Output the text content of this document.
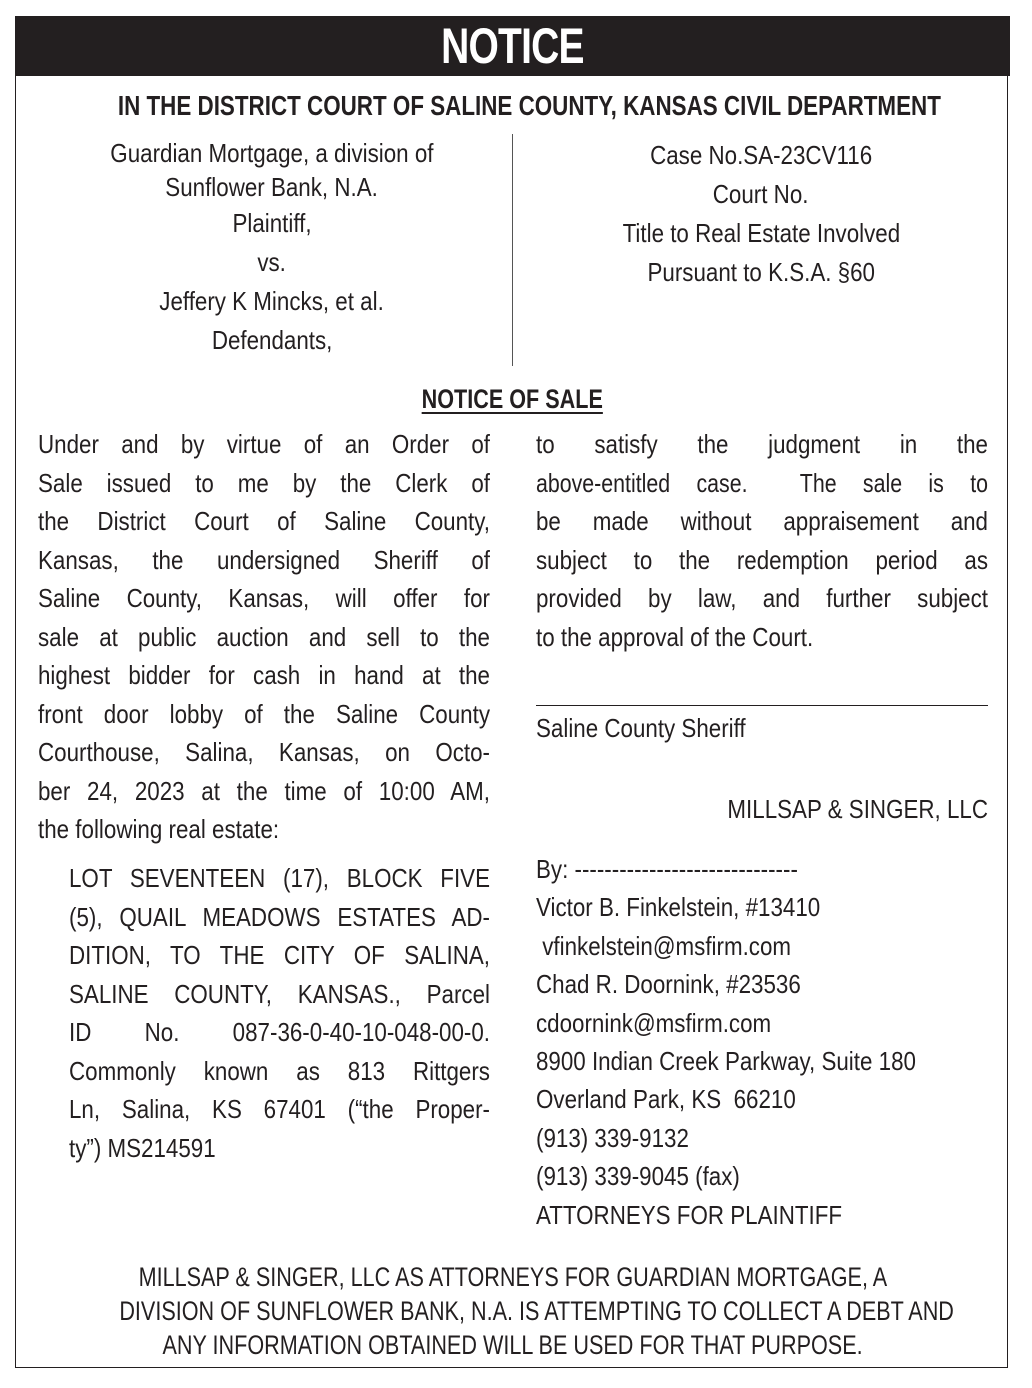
NOTICE
IN THE DISTRICT COURT OF SALINE COUNTY, KANSAS CIVIL DEPARTMENT
Guardian Mortgage, a division of
Sunflower Bank, N.A.
Plaintiff,
vs.
Jeffery K Mincks, et al.
Defendants,
Case No.SA-23CV116
Court No.
Title to Real Estate Involved
Pursuant to K.S.A. §60
NOTICE OF SALE
Under and by virtue of an Order of
Sale issued to me by the Clerk of
the District Court of Saline County,
Kansas, the undersigned Sheriff of
Saline County, Kansas, will offer for
sale at public auction and sell to the
highest bidder for cash in hand at the
front door lobby of the Saline County
Courthouse, Salina, Kansas, on Octo-
ber 24, 2023 at the time of 10:00 AM,
the following real estate:
LOT SEVENTEEN (17), BLOCK FIVE
(5), QUAIL MEADOWS ESTATES AD-
DITION, TO THE CITY OF SALINA,
SALINE COUNTY, KANSAS., Parcel
ID No. 087-36-0-40-10-048-00-0.
Commonly known as 813 Rittgers
Ln, Salina, KS 67401 (“the Proper-
ty”) MS214591
to satisfy the judgment in the
above-entitled case.  The sale is to
be made without appraisement and
subject to the redemption period as
provided by law, and further subject
to the approval of the Court.
Saline County Sheriff
MILLSAP & SINGER, LLC
By: ------------------------------
Victor B. Finkelstein, #13410
vfinkelstein@msfirm.com
Chad R. Doornink, #23536
cdoornink@msfirm.com
8900 Indian Creek Parkway, Suite 180
Overland Park, KS  66210
(913) 339-9132
(913) 339-9045 (fax)
ATTORNEYS FOR PLAINTIFF
MILLSAP & SINGER, LLC AS ATTORNEYS FOR GUARDIAN MORTGAGE, A
DIVISION OF SUNFLOWER BANK, N.A. IS ATTEMPTING TO COLLECT A DEBT AND
ANY INFORMATION OBTAINED WILL BE USED FOR THAT PURPOSE.
